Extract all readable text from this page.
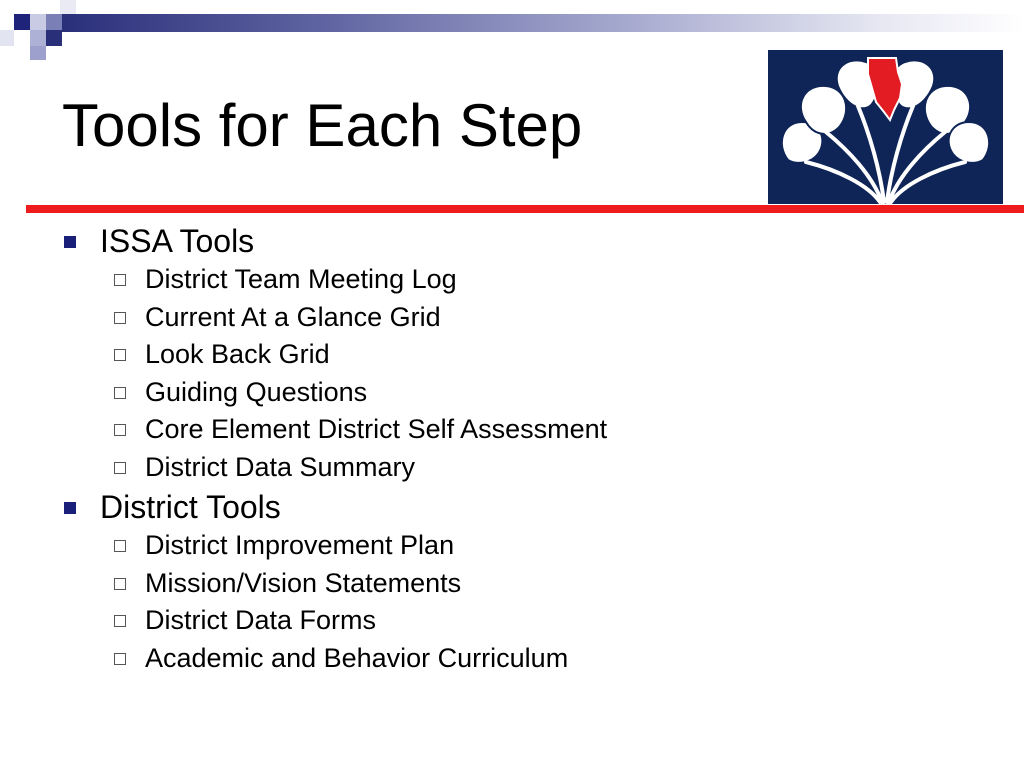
Tools for Each Step
ISSA Tools
District Team Meeting Log
Current At a Glance Grid
Look Back Grid
Guiding Questions
Core Element District Self Assessment
District Data Summary
District Tools
District Improvement Plan
Mission/Vision Statements
District Data Forms
Academic and Behavior Curriculum
